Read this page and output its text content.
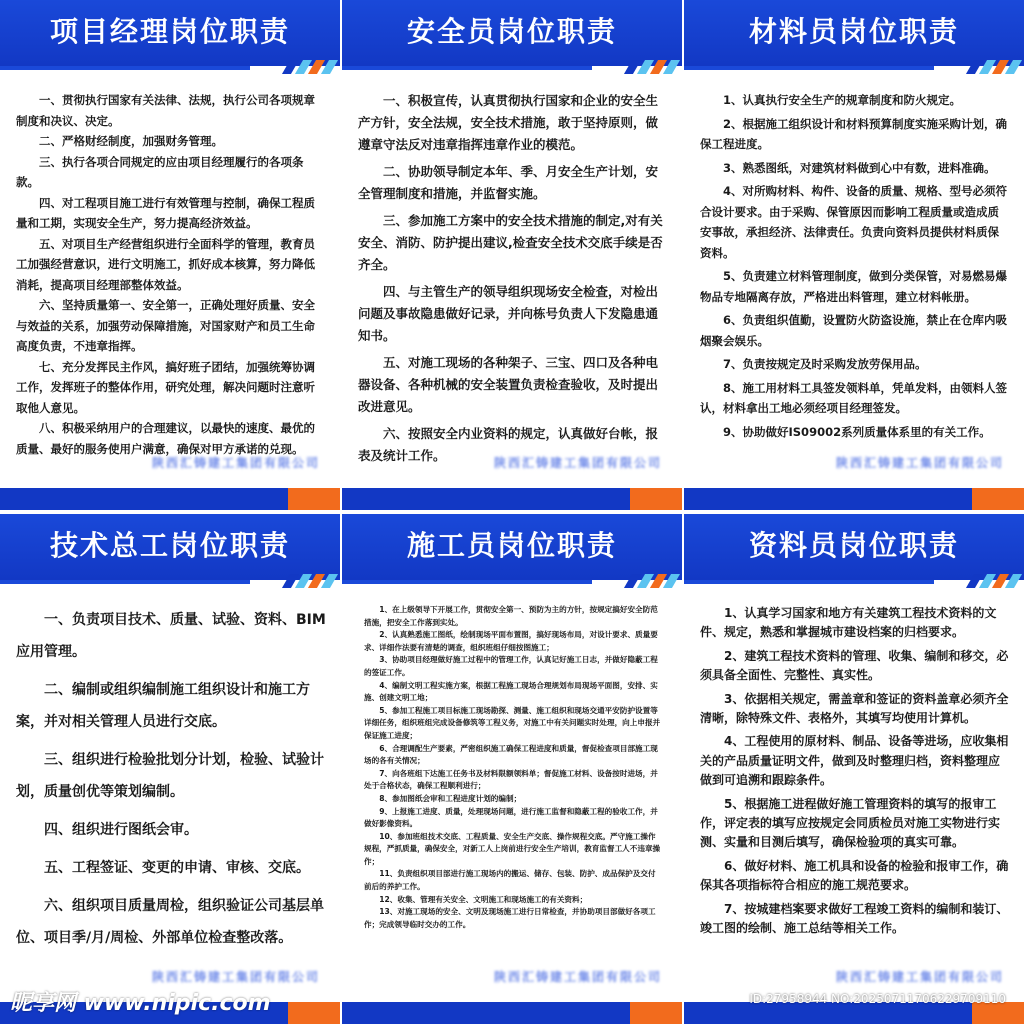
项目经理岗位职责

一、贯彻执行国家有关法律、法规，执行公司各项规章制度和决议、决定。

二、严格财经制度，加强财务管理。

三、执行各项合同规定的应由项目经理履行的各项条款。

四、对工程项目施工进行有效管理与控制，确保工程质量和工期，实现安全生产，努力提高经济效益。

五、对项目生产经营组织进行全面科学的管理，教育员工加强经营意识，进行文明施工，抓好成本核算，努力降低消耗，提高项目经理部整体效益。

六、坚持质量第一、安全第一，正确处理好质量、安全与效益的关系，加强劳动保障措施，对国家财产和员工生命高度负责，不违章指挥。

七、充分发挥民主作风，搞好班子团结，加强统筹协调工作，发挥班子的整体作用，研究处理，解决问题时注意听取他人意见。

八、积极采纳用户的合理建议，以最快的速度、最优的质量、最好的服务使用户满意，确保对甲方承诺的兑现。

陕西汇铸建工集团有限公司
安全员岗位职责

一、积极宣传，认真贯彻执行国家和企业的安全生产方针，安全法规，安全技术措施，敢于坚持原则，做遵章守法反对违章指挥违章作业的模范。

二、协助领导制定本年、季、月安全生产计划，安全管理制度和措施，并监督实施。

三、参加施工方案中的安全技术措施的制定,对有关安全、消防、防护提出建议,检查安全技术交底手续是否齐全。

四、与主管生产的领导组织现场安全检查，对检出问题及事故隐患做好记录，并向栋号负责人下发隐患通知书。

五、对施工现场的各种架子、三宝、四口及各种电器设备、各种机械的安全装置负责检查验收，及时提出改进意见。

六、按照安全内业资料的规定，认真做好台帐，报表及统计工作。	陕西汇铸建工集团有限公司
材料员岗位职责

1、认真执行安全生产的规章制度和防火规定。

2、根据施工组织设计和材料预算制度实施采购计划，确保工程进度。

3、熟悉图纸，对建筑材料做到心中有数，进料准确。

4、对所购材料、构件、设备的质量、规格、型号必须符合设计要求。由于采购、保管原因而影响工程质量或造成质安事故，承担经济、法律责任。负责向资料员提供材料质保资料。

5、负责建立材料管理制度，做到分类保管，对易燃易爆物品专地隔离存放，严格进出料管理，建立材料帐册。

6、负责组织值勤，设置防火防盗设施，禁止在仓库内吸烟聚会娱乐。

7、负责按规定及时采购发放劳保用品。

8、施工用材料工具签发领料单，凭单发料，由领料人签认，材料拿出工地必须经项目经理签发。

9、协助做好IS09002系列质量体系里的有关工作。

陕西汇铸建工集团有限公司
技术总工岗位职责

一、负责项目技术、质量、试验、资料、BIM应用管理。

二、编制或组织编制施工组织设计和施工方案，并对相关管理人员进行交底。

三、组织进行检验批划分计划，检验、试验计划，质量创优等策划编制。

四、组织进行图纸会审。

五、工程签证、变更的申请、审核、交底。

六、组织项目质量周检，组织验证公司基层单位、项目季/月/周检、外部单位检查整改落。

陕西汇铸建工集团有限公司
施工员岗位职责

1、在上级领导下开展工作，贯彻安全第一、预防为主的方针，按规定搞好安全防范措施，把安全工作落到实处。

2、认真熟悉施工图纸，绘制现场平面布置图，搞好现场布局，对设计要求、质量要求、详细作法要有清楚的调查，组织班组仔细按图施工；

3、协助项目经理做好施工过程中的管理工作，认真记好施工日志，并做好隐蔽工程的签证工作。

4、编制文明工程实施方案，根据工程施工现场合理规划布局现场平面图，安排、实施、创建文明工地；

5、参加工程施工项目标施工现场勘探、测量、施工组织和现场交通平安防护设置等详细任务，组织班组完成设备修筑等工程义务，对施工中有关问题实时处理，向上申报并保证施工进度；

6、合理调配生产要素，严密组织施工确保工程进度和质量，督促检查项目部施工现场的各有关情况；

7、向各班组下达施工任务书及材料限额领料单；督促施工材料、设备按时进场，并处于合格状态，确保工程顺利进行；

8、参加图纸会审和工程进度计划的编制；

9、上报施工进度、质量，处理现场问题，进行施工监督和隐蔽工程的验收工作，并做好影像资料。

10、参加班组技术交底、工程质量、安全生产交底、操作规程交底。严守施工操作规程，严抓质量，确保安全，对新工人上岗前进行安全生产培训，教育监督工人不违章操作；

11、负责组织项目部进行施工现场内的搬运、储存、包装、防护、成品保护及交付前后的养护工作。

12、收集、管理有关安全、文明施工和现场施工的有关资料；

13、对施工现场的安全、文明及现场施工进行日常检查，并协助项目部做好各项工作；完成领导临时交办的工作。

陕西汇铸建工集团有限公司
资料员岗位职责

1、认真学习国家和地方有关建筑工程技术资料的文件、规定，熟悉和掌握城市建设档案的归档要求。

2、建筑工程技术资料的管理、收集、编制和移交，必须具备全面性、完整性、真实性。

3、依据相关规定，需盖章和签证的资料盖章必须齐全清晰，除特殊文件、表格外，其填写均使用计算机。

4、工程使用的原材料、制品、设备等进场，应收集相关的产品质量证明文件，做到及时整理归档，资料整理应做到可追溯和跟踪条件。

5、根据施工进程做好施工管理资料的填写的报审工作，评定表的填写应按规定会同质检员对施工实物进行实测、实量和目测后填写，确保检验项的真实可靠。

6、做好材料、施工机具和设备的检验和报审工作，确保其各项指标符合相应的施工规范要求。

7、按城建档案要求做好工程竣工资料的编制和装订、竣工图的绘制、施工总结等相关工作。

陕西汇铸建工集团有限公司
昵享网 www.nipic.com	ID:27958944 NO:20250711706229709110
